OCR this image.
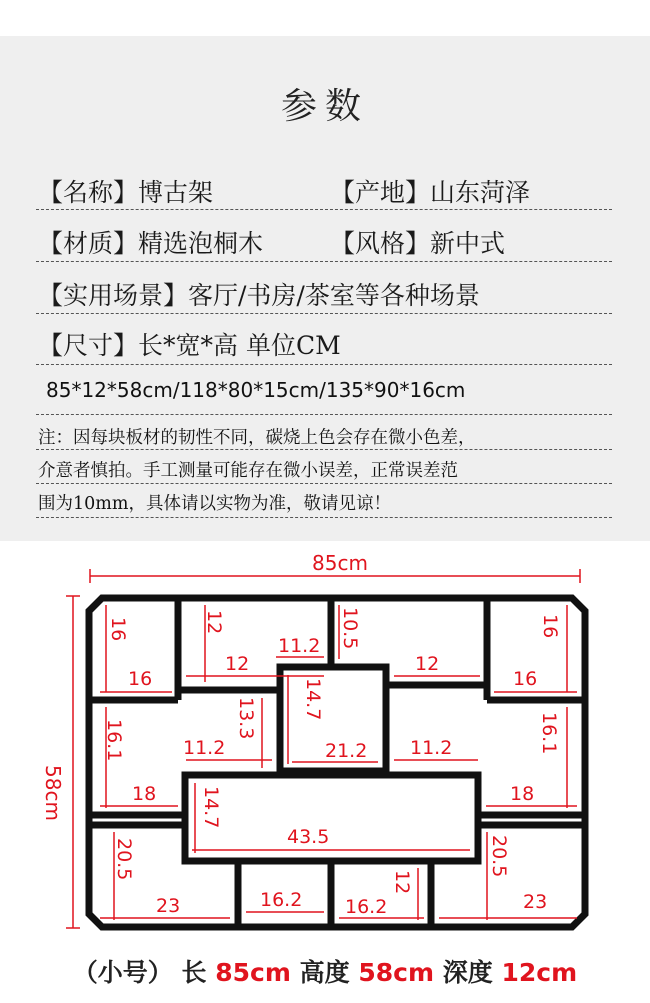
参数
【名称】博古架	【产地】山东菏泽
【材质】精选泡桐木	【风格】新中式
【实用场景】客厅/书房/茶室等各种场景
【尺寸】长*宽*高 单位CM
85*12*58cm/118*80*15cm/135*90*16cm
注：因每块板材的韧性不同，碳烧上色会存在微小色差，
介意者慎拍。手工测量可能存在微小误差，正常误差范
围为10mm，具体请以实物为准，敬请见谅！
85cm
58cm
16
16
12
12
11.2 10.5
12
16
16
14.7
13.3
16.1	11.2	21.2 11.2	16.1
18 14.7
43.5
18
20.5
23	16.2
12
16.2
20.5
23
（小号） 长 85cm 高度 58cm 深度 12cm
